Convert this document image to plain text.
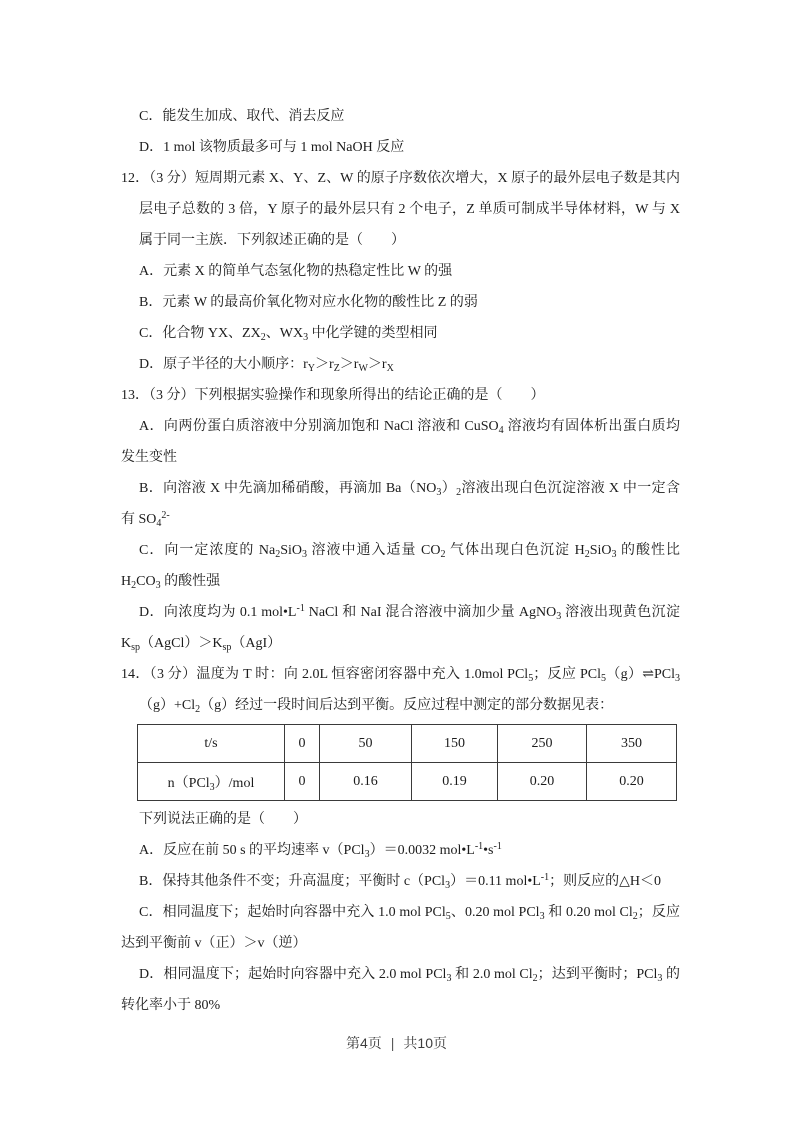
C．能发生加成、取代、消去反应
D．1 mol 该物质最多可与 1 mol NaOH 反应
12．（3 分）短周期元素 X、Y、Z、W 的原子序数依次增大，X 原子的最外层电子数是其内
层电子总数的 3 倍，Y 原子的最外层只有 2 个电子，Z 单质可制成半导体材料，W 与 X
属于同一主族．下列叙述正确的是（　　）
A．元素 X 的简单气态氢化物的热稳定性比 W 的强
B．元素 W 的最高价氧化物对应水化物的酸性比 Z 的弱
C．化合物 YX、$ZX_2$、$WX_3$ 中化学键的类型相同
D．原子半径的大小顺序：$r_Y>r_Z>r_W>r_X$
13．（3 分）下列根据实验操作和现象所得出的结论正确的是（　　）
A．向两份蛋白质溶液中分别滴加饱和 NaCl 溶液和 CuSO$_4$ 溶液均有固体析出蛋白质均
发生变性
B．向溶液 X 中先滴加稀硝酸，再滴加 $Ba(NO_3)_2$溶液出现白色沉淀溶液 X 中一定含
有 $SO_4^{2-}$
C．向一定浓度的 $Na_2SiO_3$ 溶液中通入适量 $CO_2$ 气体出现白色沉淀 $H_2SiO_3$ 的酸性比
$H_2CO_3$ 的酸性强
D．向浓度均为 0.1 $mol•L^{-1}$ NaCl 和 NaI 混合溶液中滴加少量 AgNO$_3$ 溶液出现黄色沉淀
$K_{sp}(AgCl)>K_{sp}(AgI)$
14．（3 分）温度为 T 时：向 2.0L 恒容密闭容器中充入 1.0mol PCl$_5$；反应 PCl$_5$（g）⇌PCl$_3$
$(g)+Cl_2(g)$经过一段时间后达到平衡。反应过程中测定的部分数据见表：
t/s	0	50	150	250	350
n（PCl$_3$）/mol	0	0.16	0.19	0.20	0.20
下列说法正确的是（　　）
A．反应在前 50 s 的平均速率 v（PCl$_3$）＝0.0032 $mol•L^{-1}•s^{-1}$
B．保持其他条件不变；升高温度；平衡时 c（PCl$_3$）＝0.11 $mol•L^{-1}$；则反应的△H＜0
C．相同温度下；起始时向容器中充入 1.0 mol PCl$_5$、0.20 mol PCl$_3$ 和 0.20 mol $Cl_2$；反应
达到平衡前 v（正）＞v（逆）
D．相同温度下；起始时向容器中充入 2.0 mol PCl$_3$ 和 2.0 mol $Cl_2$；达到平衡时；PCl$_3$ 的
转化率小于 80%
第4页 | 共10页
